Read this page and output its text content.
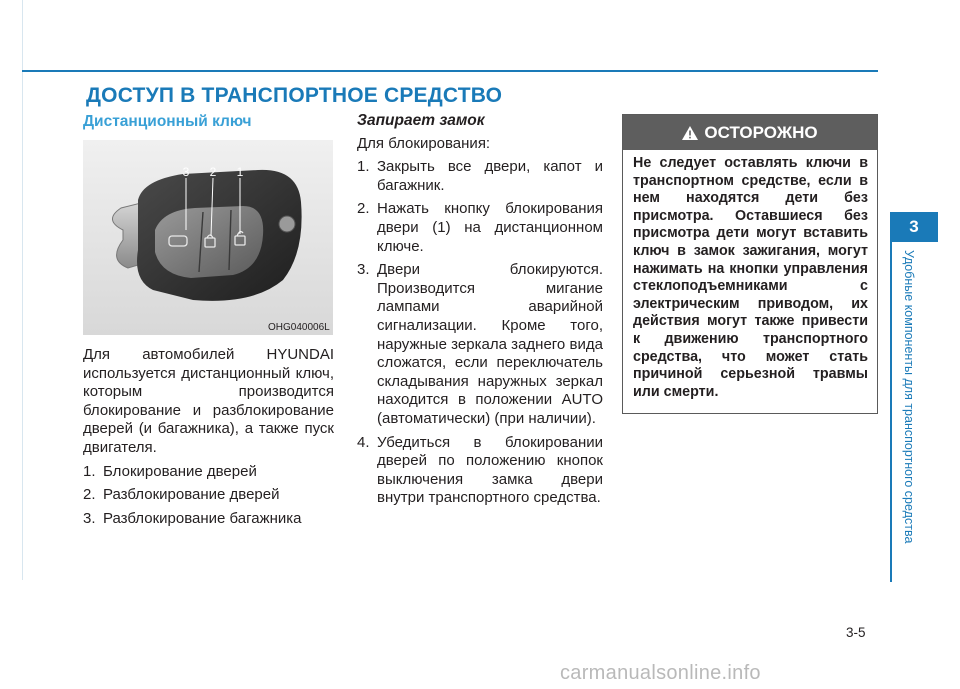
ДОСТУП В ТРАНСПОРТНОЕ СРЕДСТВО
Дистанционный ключ
3 2 1
OHG040006L

Для автомобилей HYUNDAI используется дистанционный ключ, которым производится блокирование и разблокирование дверей (и багажника), а также пуск двигателя.

1. Блокирование дверей
2. Разблокирование дверей
3. Разблокирование багажника

Запирает замок

Для блокирования:

1. Закрыть все двери, капот и багажник.
2. Нажать кнопку блокирования двери (1) на дистанционном ключе.
3. Двери блокируются. Производится мигание лампами аварийной сигнализации. Кроме того, наружные зеркала заднего вида сложатся, если переключатель складывания наружных зеркал находится в положении AUTO (автоматически) (при наличии).
4. Убедиться в блокировании дверей по положению кнопок выключения замка двери внутри транспортного средства.
ОСТОРОЖНО
Не следует оставлять ключи в транспортном средстве, если в нем находятся дети без присмотра. Оставшиеся без присмотра дети могут вставить ключ в замок зажигания, могут нажимать на кнопки управления стеклоподъемниками с электрическим приводом, их действия могут также привести к движению транспортного средства, что может стать причиной серьезной травмы или смерти.
3
Удобные компоненты для транспортного средства
3-5
carmanualsonline.info
